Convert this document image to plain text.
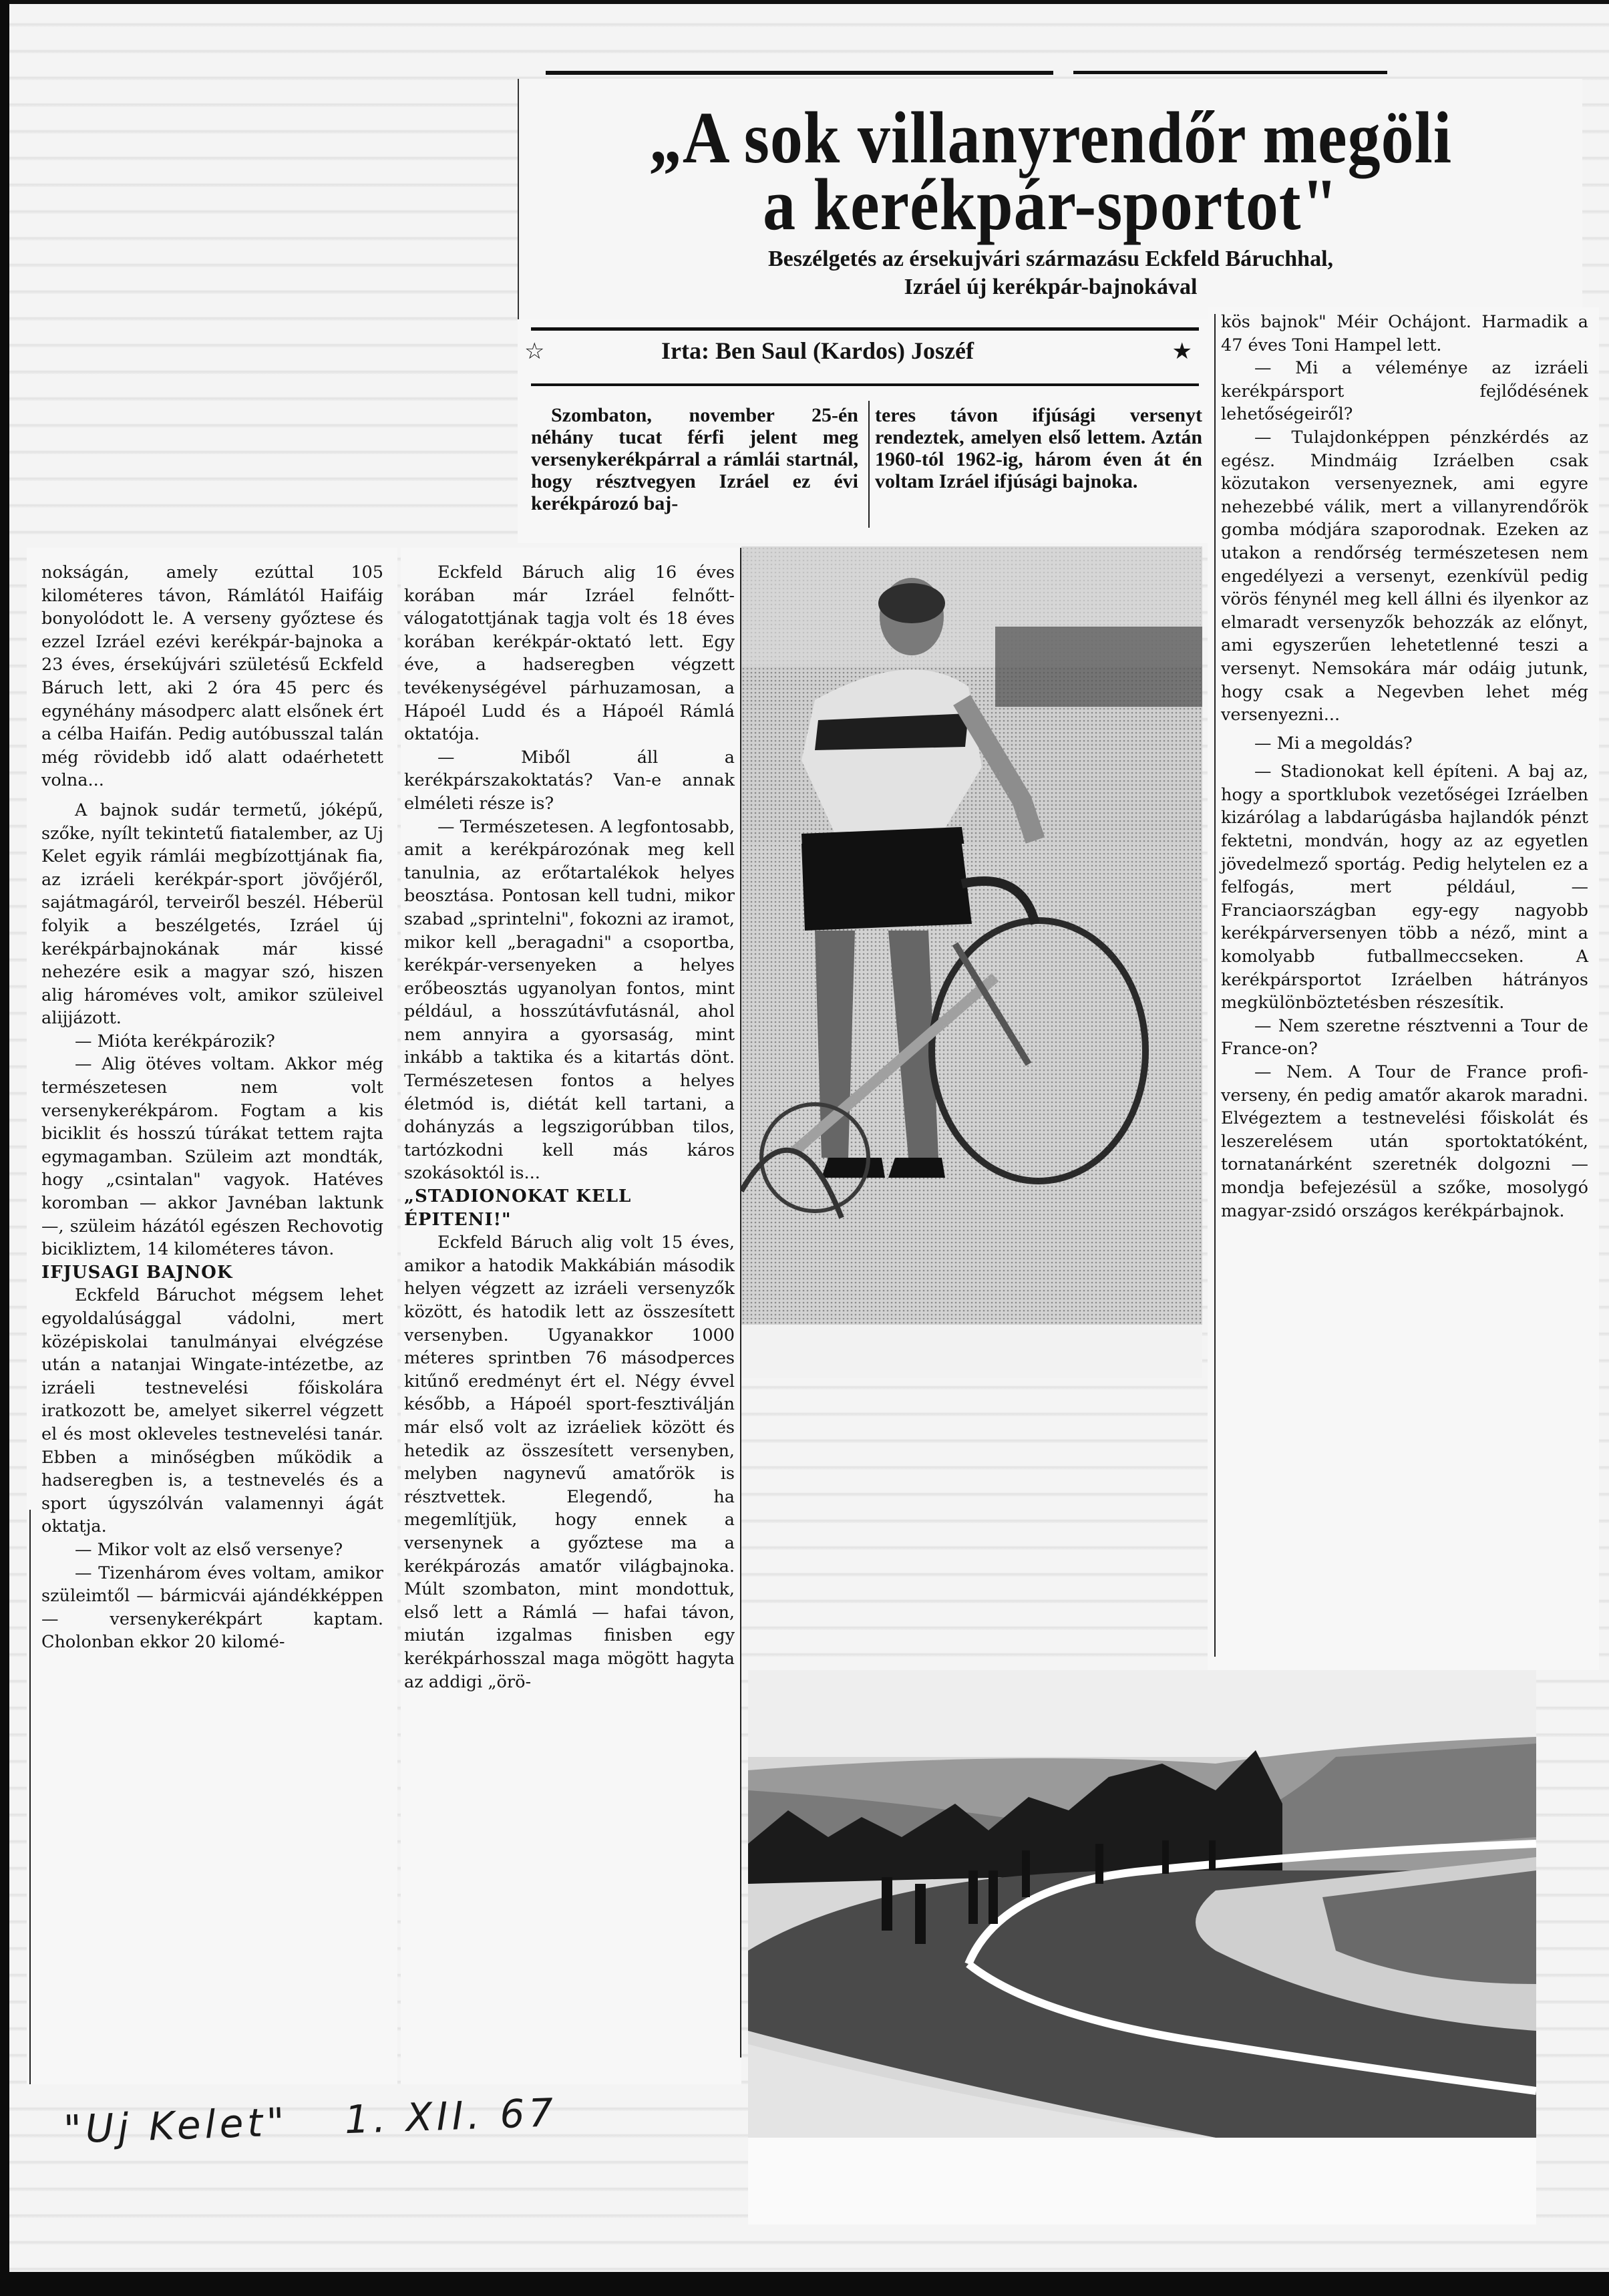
„A sok villanyrendőr megöli
a kerékpár-sportot"
Beszélgetés az érsekujvári származásu Eckfeld Báruchhal,
Izráel új kerékpár-bajnokával
☆	Irta: Ben Saul (Kardos) Joszéf	★

Szombaton, november 25-én néhány tucat férfi jelent meg versenykerékpárral a rámlái startnál, hogy résztvegyen Izráel ez évi kerékpározó baj-

teres távon ifjúsági versenyt rendeztek, amelyen első lettem. Aztán 1960-tól 1962-ig, három éven át én voltam Izráel ifjúsági bajnoka.

kös bajnok" Méir Ochájont. Harmadik a 47 éves Toni Hampel lett.

— Mi a véleménye az izráeli kerékpársport fejlődésének lehetőségeiről?

— Tulajdonképpen pénzkérdés az egész. Mindmáig Izráelben csak közutakon versenyeznek, ami egyre nehezebbé válik, mert a villanyrendőrök gomba módjára szaporodnak. Ezeken az utakon a rendőrség természetesen nem engedélyezi a versenyt, ezenkívül pedig vörös fénynél meg kell állni és ilyenkor az elmaradt versenyzők behozzák az előnyt, ami egyszerűen lehetetlenné teszi a versenyt. Nemsokára már odáig jutunk, hogy csak a Negevben lehet még versenyezni...

— Mi a megoldás?

— Stadionokat kell építeni. A baj az, hogy a sportklubok vezetőségei Izráelben kizárólag a labdarúgásba hajlandók pénzt fektetni, mondván, hogy az az egyetlen jövedelmező sportág. Pedig helytelen ez a felfogás, mert például, — Franciaországban egy-egy nagyobb kerékpárversenyen több a néző, mint a komolyabb futballmeccseken. A kerékpársportot Izráelben hátrányos megkülönböztetésben részesítik.

— Nem szeretne résztvenni a Tour de France-on?

— Nem. A Tour de France profi-verseny, én pedig amatőr akarok maradni. Elvégeztem a testnevelési főiskolát és leszerelésem után sportoktatóként, tornatanárként szeretnék dolgozni — mondja befejezésül a szőke, mosolygó magyar-zsidó országos kerékpárbajnok.

nokságán, amely ezúttal 105 kilométeres távon, Rámlától Haifáig bonyolódott le. A verseny győztese és ezzel Izráel ezévi kerékpár-bajnoka a 23 éves, érsekújvári születésű Eckfeld Báruch lett, aki 2 óra 45 perc és egynéhány másodperc alatt elsőnek ért a célba Haifán. Pedig autóbusszal talán még rövidebb idő alatt odaérhetett volna...

A bajnok sudár termetű, jóképű, szőke, nyílt tekintetű fiatalember, az Uj Kelet egyik rámlái megbízottjának fia, az izráeli kerékpár-sport jövőjéről, sajátmagáról, terveiről beszél. Héberül folyik a beszélgetés, Izráel új kerékpárbajnokának már kissé nehezére esik a magyar szó, hiszen alig hároméves volt, amikor szüleivel alijjázott.

— Mióta kerékpározik?

— Alig ötéves voltam. Akkor még természetesen nem volt versenykerékpárom. Fogtam a kis biciklit és hosszú túrákat tettem rajta egymagamban. Szüleim azt mondták, hogy „csintalan" vagyok. Hatéves koromban — akkor Javnéban laktunk —, szüleim házától egészen Rechovotig bicikliztem, 14 kilométeres távon.

IFJUSAGI BAJNOK

Eckfeld Báruchot mégsem lehet egyoldalúsággal vádolni, mert középiskolai tanulmányai elvégzése után a natanjai Wingate-intézetbe, az izráeli testnevelési főiskolára iratkozott be, amelyet sikerrel végzett el és most okleveles testnevelési tanár. Ebben a minőségben működik a hadseregben is, a testnevelés és a sport úgyszólván valamennyi ágát oktatja.

— Mikor volt az első versenye?

— Tizenhárom éves voltam, amikor szüleimtől — bármicvái ajándékképpen — versenykerékpárt kaptam. Cholonban ekkor 20 kilomé-

Eckfeld Báruch alig 16 éves korában már Izráel felnőtt-válogatottjának tagja volt és 18 éves korában kerékpár-oktató lett. Egy éve, a hadseregben végzett tevékenységével párhuzamosan, a Hápoél Ludd és a Hápoél Rámlá oktatója.

— Miből áll a kerékpárszakoktatás? Van-e annak elméleti része is?

— Természetesen. A legfontosabb, amit a kerékpározónak meg kell tanulnia, az erőtartalékok helyes beosztása. Pontosan kell tudni, mikor szabad „sprintelni", fokozni az iramot, mikor kell „beragadni" a csoportba, kerékpár-versenyeken a helyes erőbeosztás ugyanolyan fontos, mint például, a hosszútávfutásnál, ahol nem annyira a gyorsaság, mint inkább a taktika és a kitartás dönt. Természetesen fontos a helyes életmód is, diétát kell tartani, a dohányzás a legszigorúbban tilos, tartózkodni kell más káros szokásoktól is...

„STADIONOKAT KELL ÉPITENI!"

Eckfeld Báruch alig volt 15 éves, amikor a hatodik Makkábián második helyen végzett az izráeli versenyzők között, és hatodik lett az összesített versenyben. Ugyanakkor 1000 méteres sprintben 76 másodperces kitűnő eredményt ért el. Négy évvel később, a Hápoél sport-fesztiválján már első volt az izráeliek között és hetedik az összesített versenyben, melyben nagynevű amatőrök is résztvettek. Elegendő, ha megemlítjük, hogy ennek a versenynek a győztese ma a kerékpározás amatőr világbajnoka. Múlt szombaton, mint mondottuk, első lett a Rámlá — hafai távon, miután izgalmas finisben egy kerékpárhosszal maga mögött hagyta az addigi „örö-

"Uj Kelet" 1. XII. 67
